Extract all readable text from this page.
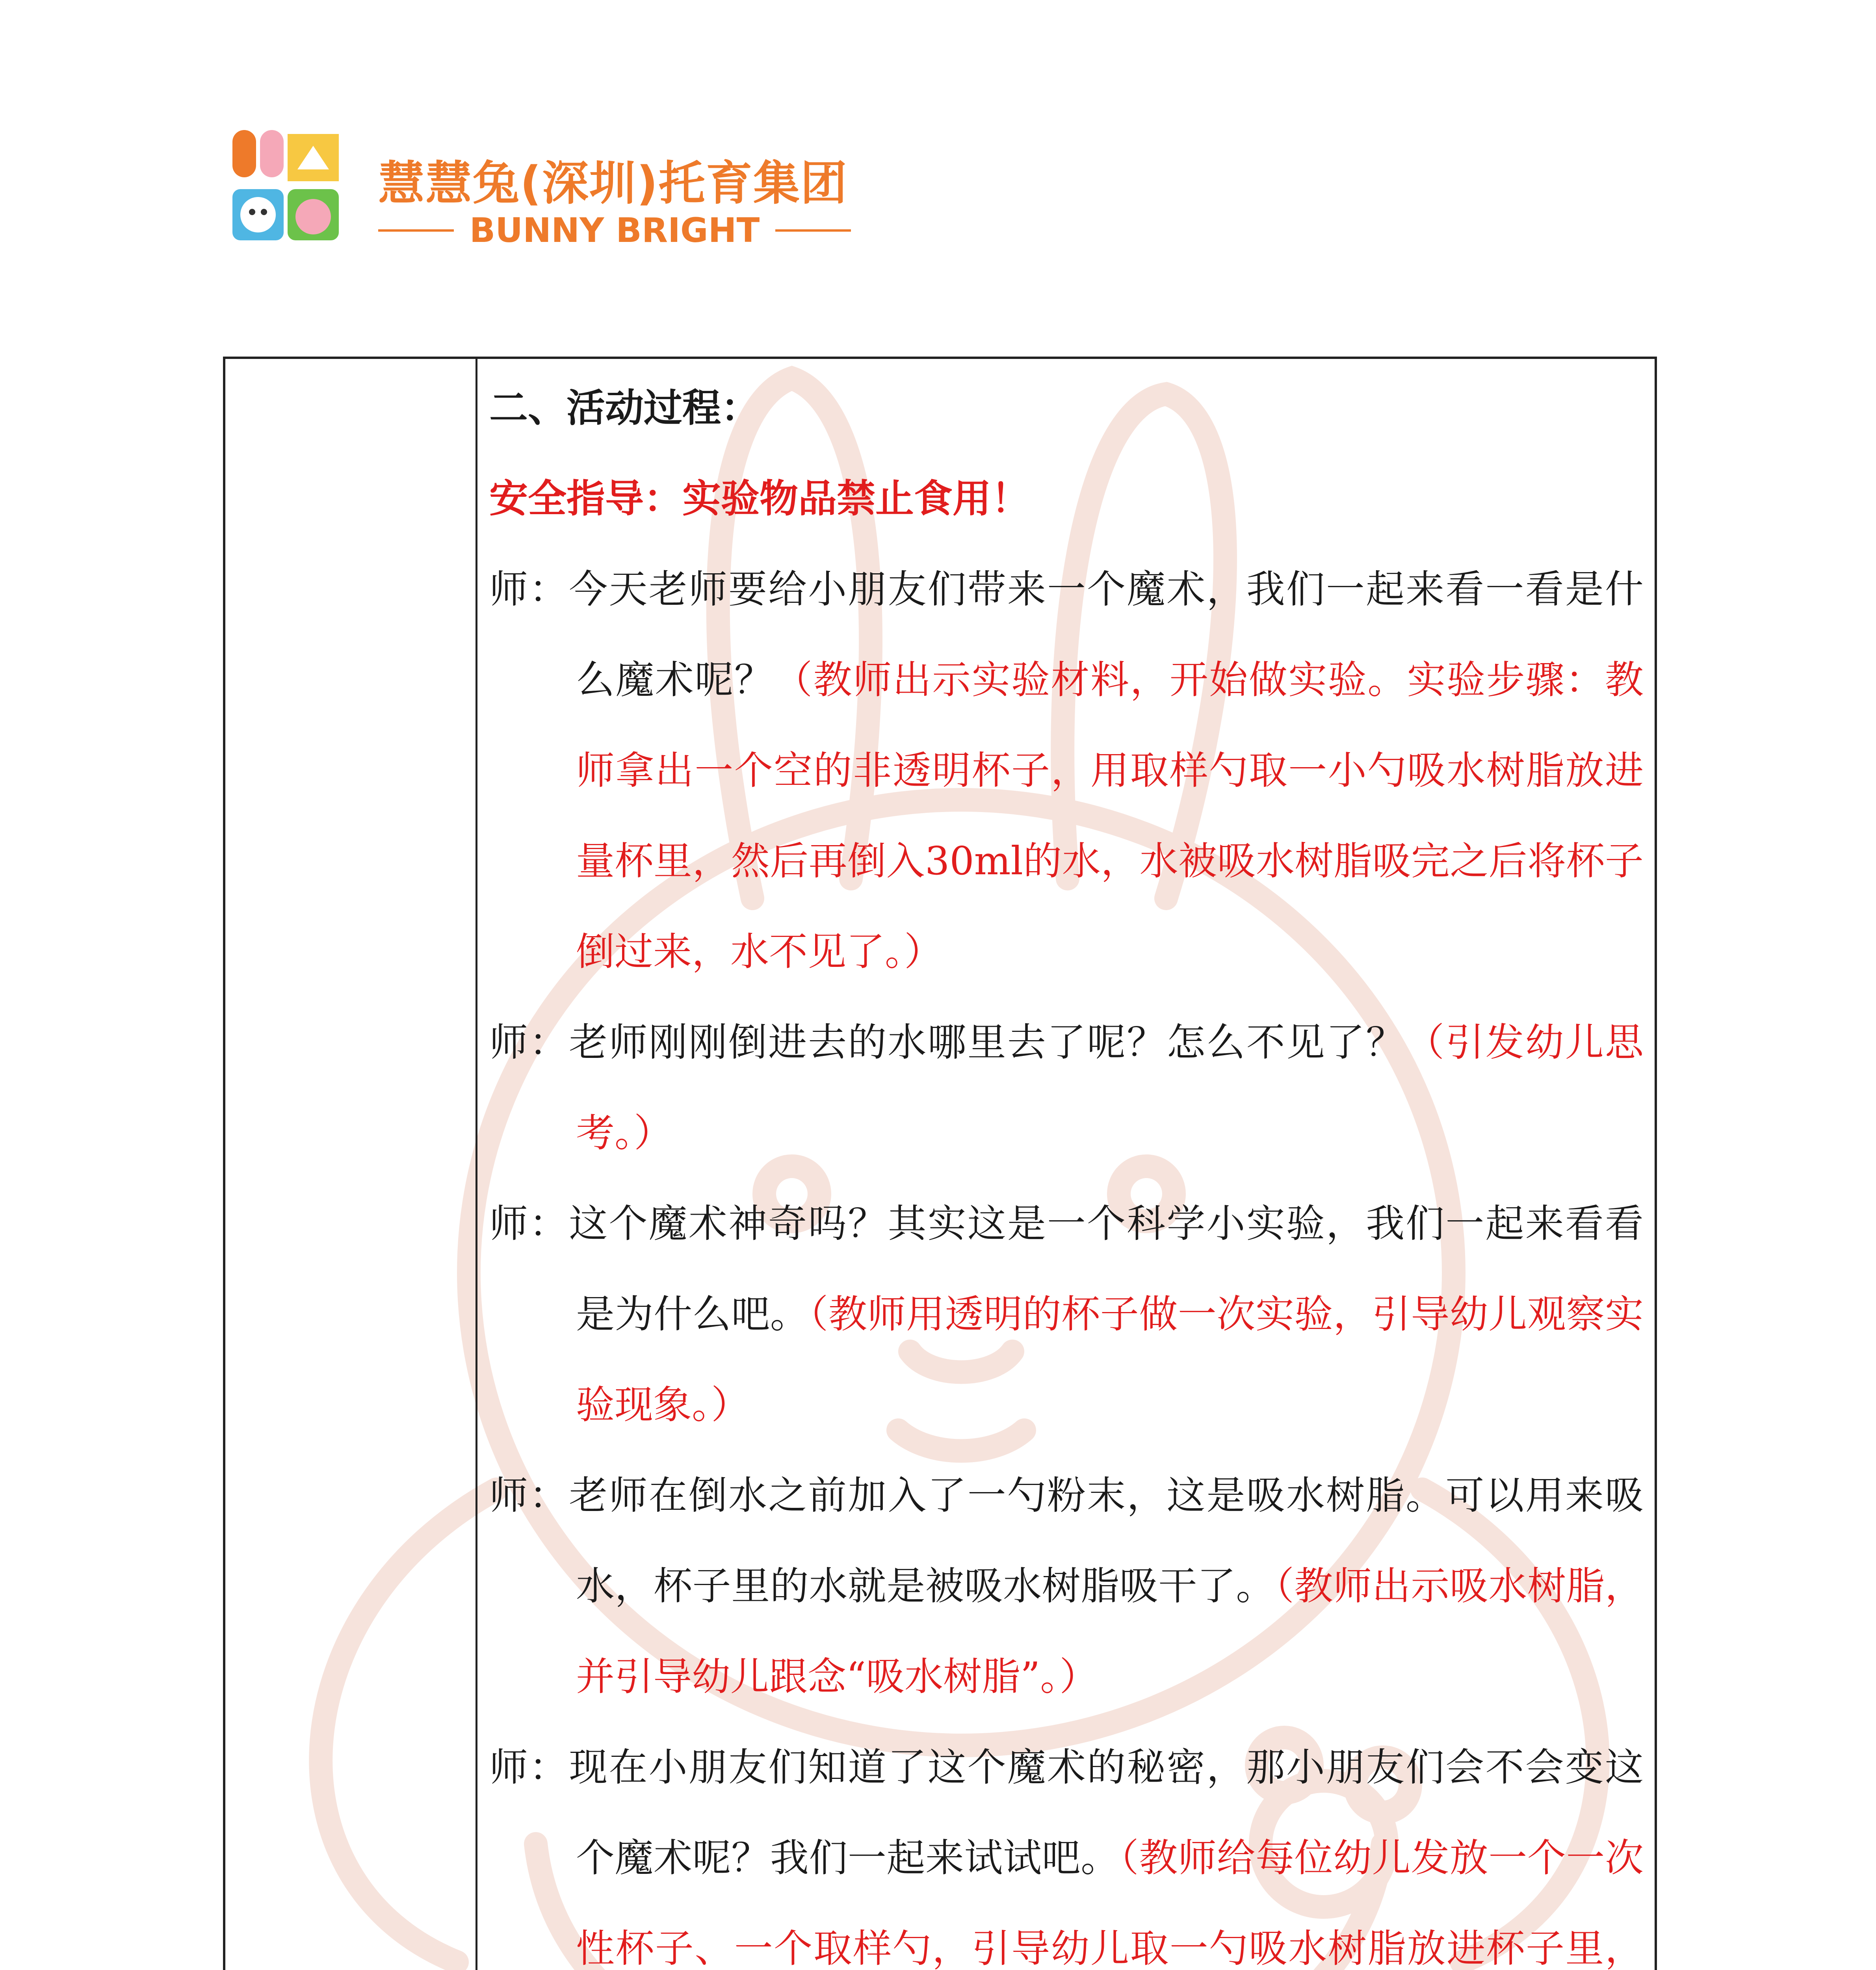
慧慧兔(深圳)托育集团
BUNNY BRIGHT
二、活动过程：
安全指导：实验物品禁止食用！
师：今天老师要给小朋友们带来一个魔术，我们一起来看一看是什么魔术呢？（教师出示实验材料，开始做实验。实验步骤：教师拿出一个空的非透明杯子，用取样勺取一小勺吸水树脂放进量杯里，然后再倒入30ml的水，水被吸水树脂吸完之后将杯子倒过来，水不见了。）
师：老师刚刚倒进去的水哪里去了呢？怎么不见了？（引发幼儿思考。）
师：这个魔术神奇吗？其实这是一个科学小实验，我们一起来看看是为什么吧。（教师用透明的杯子做一次实验，引导幼儿观察实验现象。）
师：老师在倒水之前加入了一勺粉末，这是吸水树脂。可以用来吸水，杯子里的水就是被吸水树脂吸干了。（教师出示吸水树脂，并引导幼儿跟念“吸水树脂”。）
师：现在小朋友们知道了这个魔术的秘密，那小朋友们会不会变这个魔术呢？我们一起来试试吧。（教师给每位幼儿发放一个一次性杯子、一个取样勺，引导幼儿取一勺吸水树脂放进杯子里，
